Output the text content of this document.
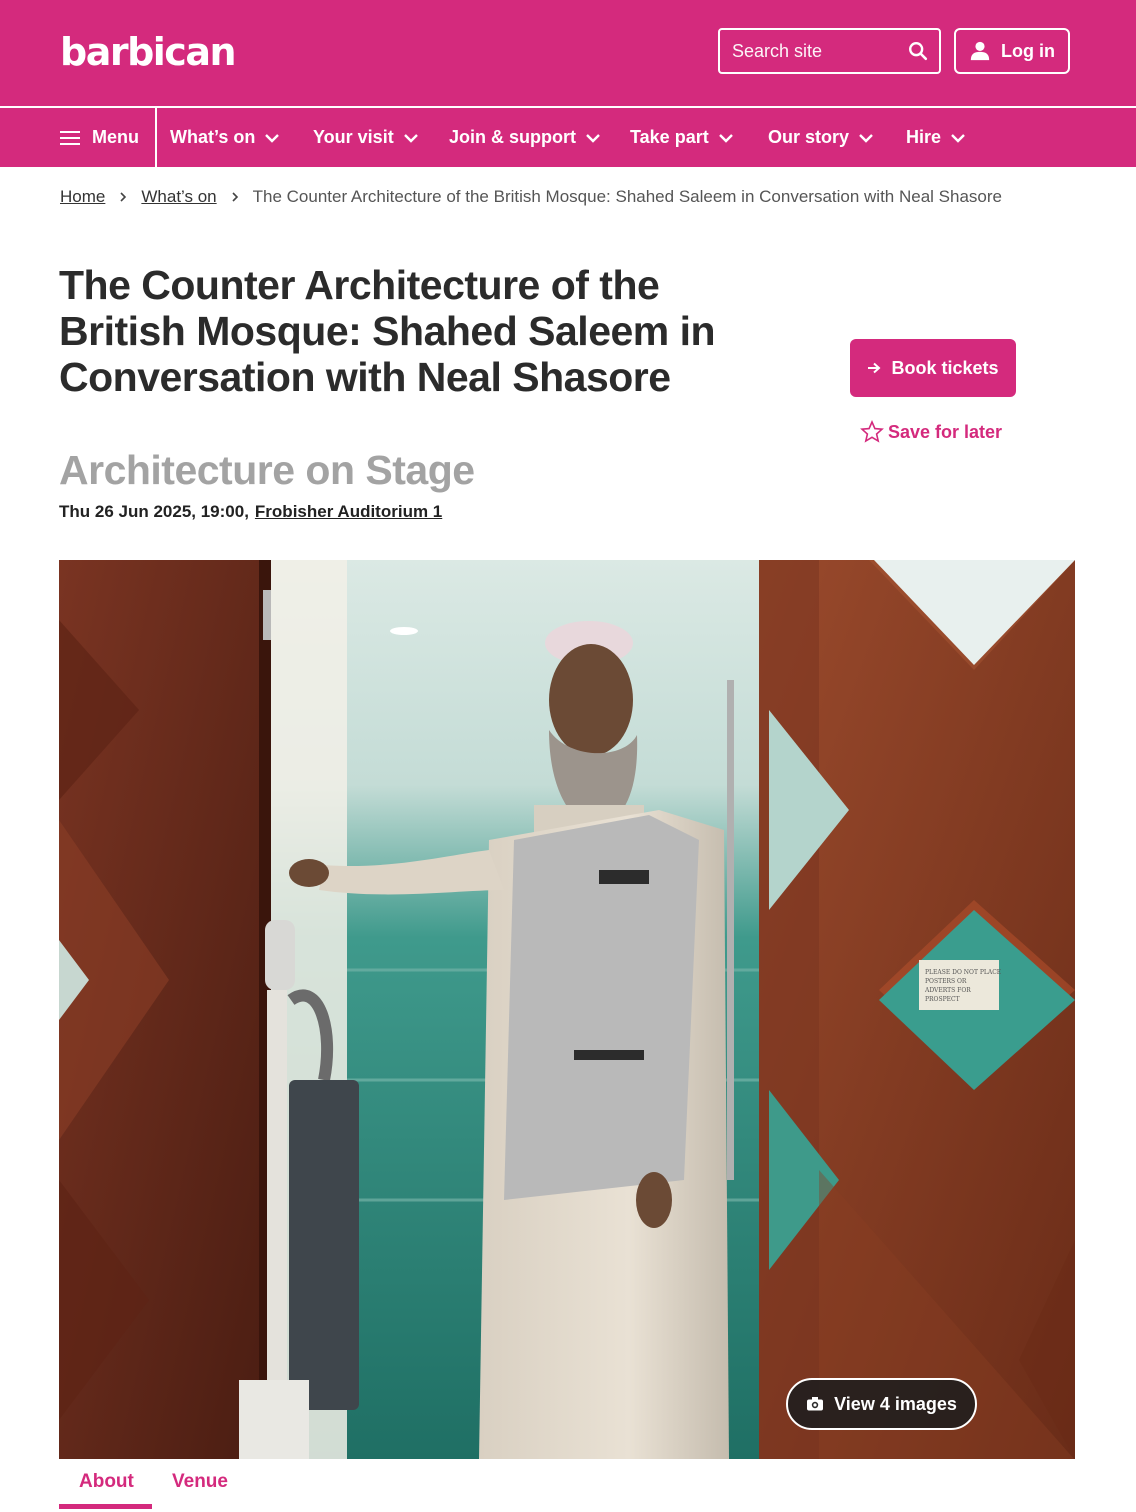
barbican	Search site	Log in
Menu What’s on	Your visit	Join & support	Take part	Our story	Hire
Home What’s on The Counter Architecture of the British Mosque: Shahed Saleem in Conversation with Neal Shasore
The Counter Architecture of the British Mosque: Shahed Saleem in Conversation with Neal Shasore
Architecture on Stage
Thu 26 Jun 2025, 19:00, Frobisher Auditorium 1
Book tickets
Save for later
PLEASE DO NOT PLACE
POSTERS OR
ADVERTS FOR
PROSPECT
View 4 images
About Venue
